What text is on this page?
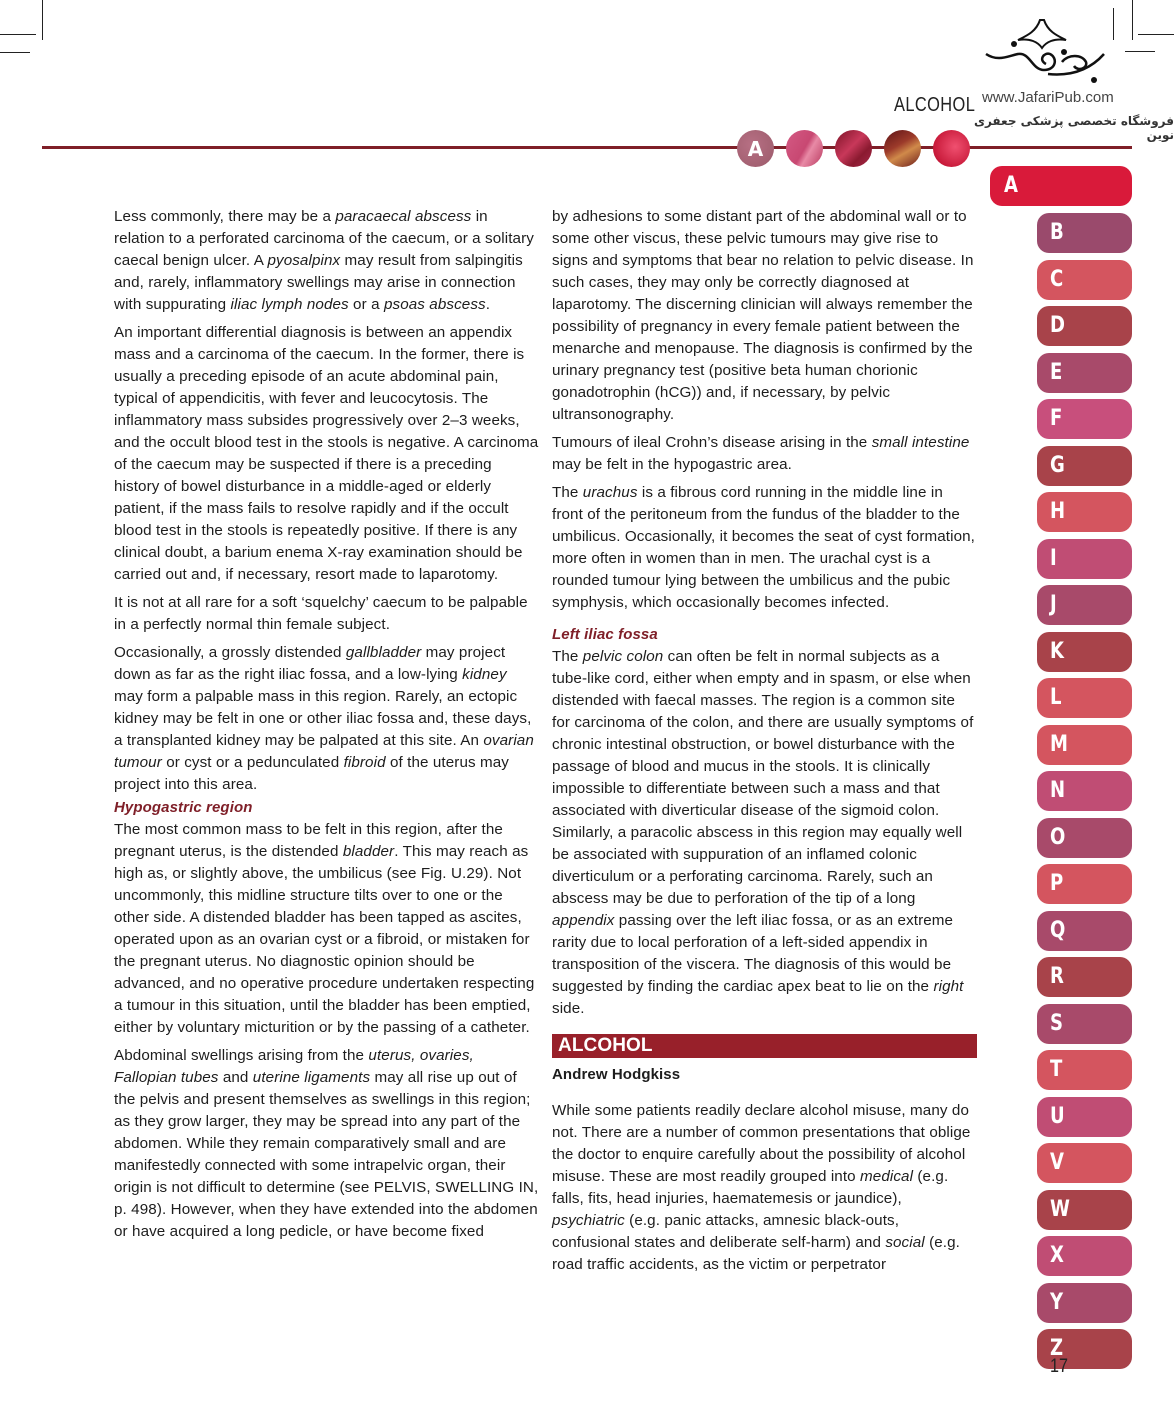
www.JafariPub.com
فروشگاه تخصصی پزشکی جعفری نوین
ALCOHOL
A
A
B
C
D
E
F
G
H
I
J
K
L
M
N
O
P
Q
R
S
T
U
V
W
X
Y
Z
17

Less commonly, there may be a paracaecal abscess in relation to a perforated carcinoma of the caecum, or a solitary caecal benign ulcer. A pyosalpinx may result from salpingitis and, rarely, inflammatory swellings may arise in connection with suppurating iliac lymph nodes or a psoas abscess.

An important differential diagnosis is between an appendix mass and a carcinoma of the caecum. In the former, there is usually a preceding episode of an acute abdominal pain, typical of appendicitis, with fever and leucocytosis. The inflammatory mass subsides progressively over 2–3 weeks, and the occult blood test in the stools is negative. A carcinoma of the caecum may be suspected if there is a preceding history of bowel disturbance in a middle-aged or elderly patient, if the mass fails to resolve rapidly and if the occult blood test in the stools is repeatedly positive. If there is any clinical doubt, a barium enema X-ray examination should be carried out and, if necessary, resort made to laparotomy.

It is not at all rare for a soft ‘squelchy’ caecum to be palpable in a perfectly normal thin female subject.

Occasionally, a grossly distended gallbladder may project down as far as the right iliac fossa, and a low-lying kidney may form a palpable mass in this region. Rarely, an ectopic kidney may be felt in one or other iliac fossa and, these days, a transplanted kidney may be palpated at this site. An ovarian tumour or cyst or a pedunculated fibroid of the uterus may project into this area.

Hypogastric region

The most common mass to be felt in this region, after the pregnant uterus, is the distended bladder. This may reach as high as, or slightly above, the umbilicus (see Fig. U.29). Not uncommonly, this midline structure tilts over to one or the other side. A distended bladder has been tapped as ascites, operated upon as an ovarian cyst or a fibroid, or mistaken for the pregnant uterus. No diagnostic opinion should be advanced, and no operative procedure undertaken respecting a tumour in this situation, until the bladder has been emptied, either by voluntary micturition or by the passing of a catheter.

Abdominal swellings arising from the uterus, ovaries, Fallopian tubes and uterine ligaments may all rise up out of the pelvis and present themselves as swellings in this region; as they grow larger, they may be spread into any part of the abdomen. While they remain comparatively small and are manifestedly connected with some intrapelvic organ, their origin is not difficult to determine (see PELVIS, SWELLING IN, p. 498). However, when they have extended into the abdomen or have acquired a long pedicle, or have become fixed

by adhesions to some distant part of the abdominal wall or to some other viscus, these pelvic tumours may give rise to signs and symptoms that bear no relation to pelvic disease. In such cases, they may only be correctly diagnosed at laparotomy. The discerning clinician will always remember the possibility of pregnancy in every female patient between the menarche and menopause. The diagnosis is confirmed by the urinary pregnancy test (positive beta human chorionic gonadotrophin (hCG)) and, if necessary, by pelvic ultransonography.

Tumours of ileal Crohn’s disease arising in the small intestine may be felt in the hypogastric area.

The urachus is a fibrous cord running in the middle line in front of the peritoneum from the fundus of the bladder to the umbilicus. Occasionally, it becomes the seat of cyst formation, more often in women than in men. The urachal cyst is a rounded tumour lying between the umbilicus and the pubic symphysis, which occasionally becomes infected.

Left iliac fossa

The pelvic colon can often be felt in normal subjects as a tube-like cord, either when empty and in spasm, or else when distended with faecal masses. The region is a common site for carcinoma of the colon, and there are usually symptoms of chronic intestinal obstruction, or bowel disturbance with the passage of blood and mucus in the stools. It is clinically impossible to differentiate between such a mass and that associated with diverticular disease of the sigmoid colon. Similarly, a paracolic abscess in this region may equally well be associated with suppuration of an inflamed colonic diverticulum or a perforating carcinoma. Rarely, such an abscess may be due to perforation of the tip of a long appendix passing over the left iliac fossa, or as an extreme rarity due to local perforation of a left-sided appendix in transposition of the viscera. The diagnosis of this would be suggested by finding the cardiac apex beat to lie on the right side.

ALCOHOL
Andrew Hodgkiss

While some patients readily declare alcohol misuse, many do not. There are a number of common presentations that oblige the doctor to enquire carefully about the possibility of alcohol misuse. These are most readily grouped into medical (e.g. falls, fits, head injuries, haematemesis or jaundice), psychiatric (e.g. panic attacks, amnesic black-outs, confusional states and deliberate self-harm) and social (e.g. road traffic accidents, as the victim or perpetrator
